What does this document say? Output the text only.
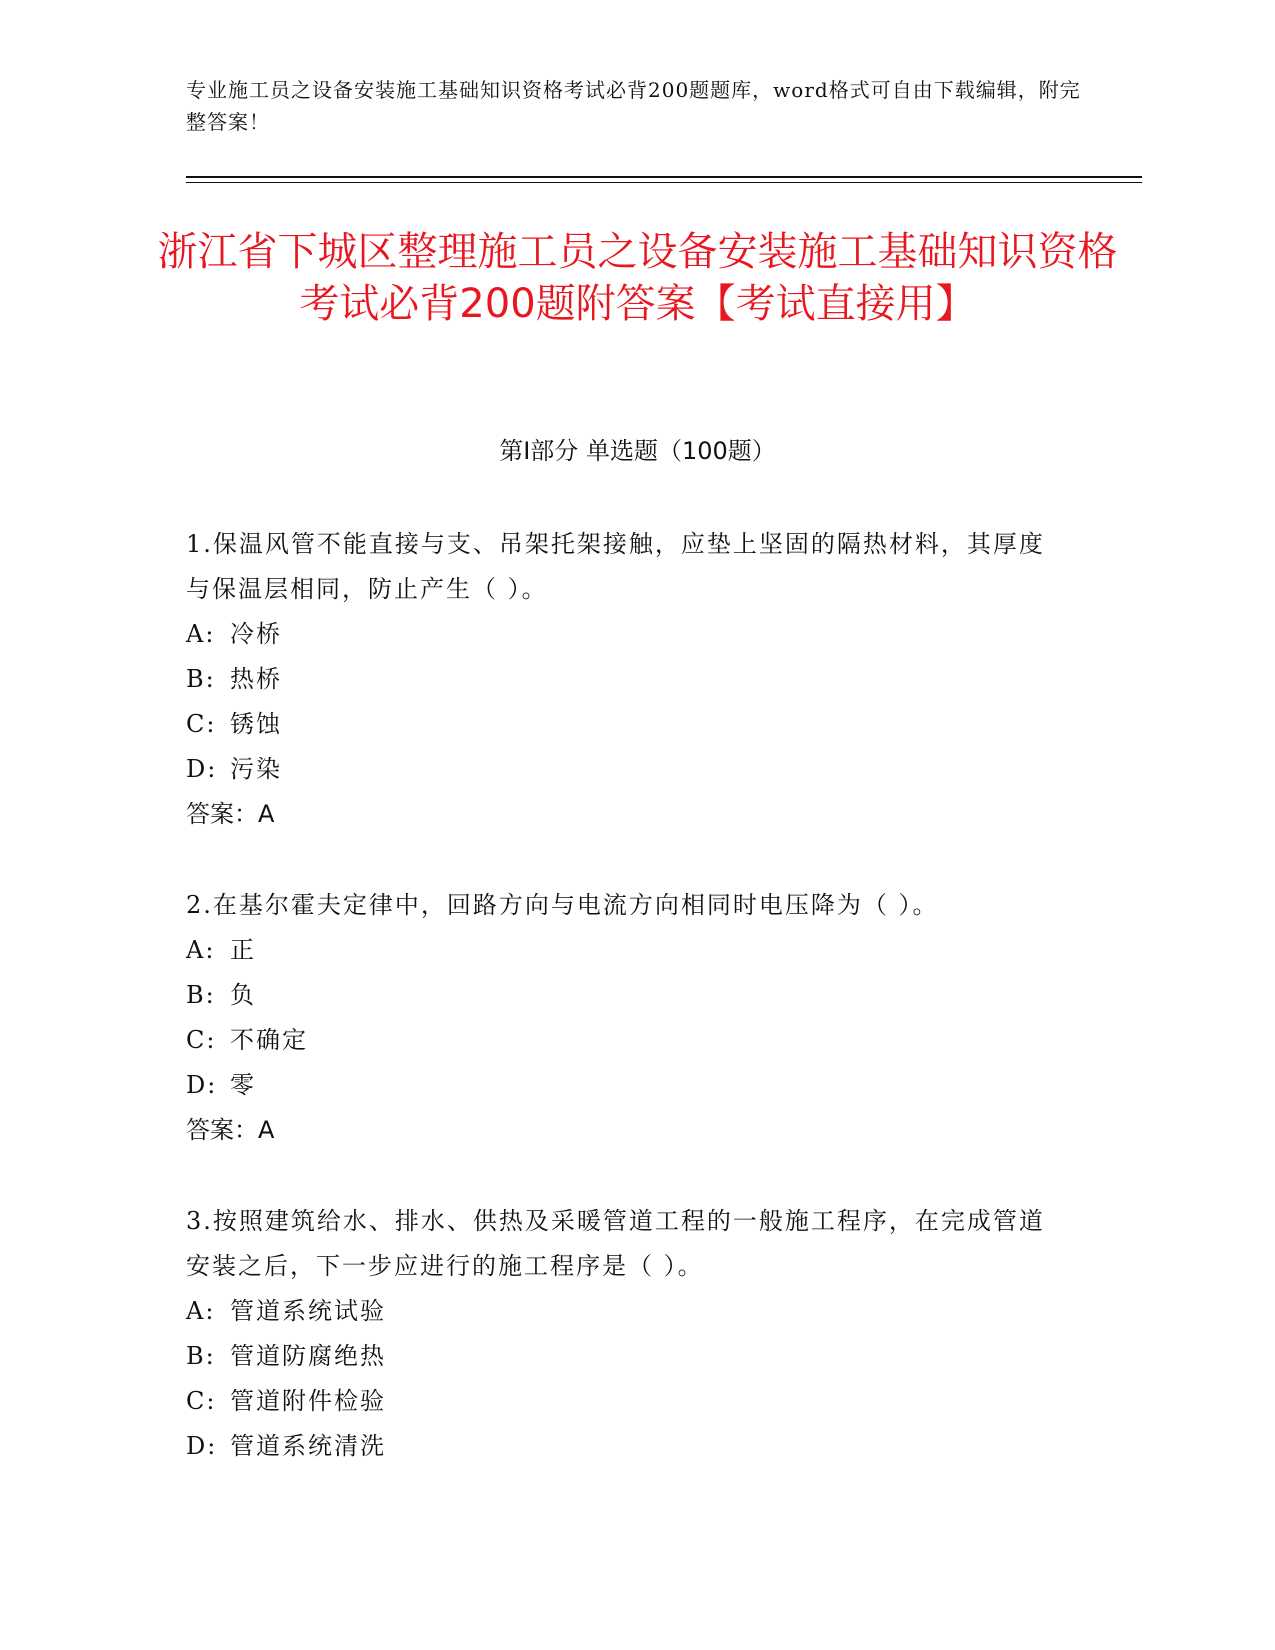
专业施工员之设备安装施工基础知识资格考试必背200题题库，word格式可自由下载编辑，附完整答案！
浙江省下城区整理施工员之设备安装施工基础知识资格考试必背200题附答案【考试直接用】
第I部分 单选题（100题）

1.保温风管不能直接与支、吊架托架接触，应垫上坚固的隔热材料，其厚度与保温层相同，防止产生（ ）。

A: 冷桥

B: 热桥

C: 锈蚀

D: 污染

答案：A

2.在基尔霍夫定律中，回路方向与电流方向相同时电压降为（ ）。

A: 正

B: 负

C: 不确定

D: 零

答案：A

3.按照建筑给水、排水、供热及采暖管道工程的一般施工程序，在完成管道安装之后，下一步应进行的施工程序是（ ）。

A: 管道系统试验

B: 管道防腐绝热

C: 管道附件检验

D: 管道系统清洗
